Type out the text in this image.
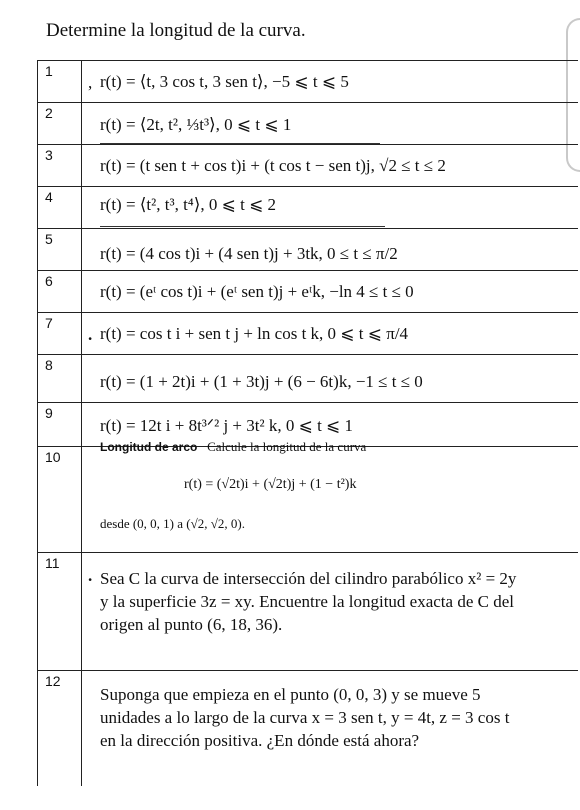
Determine la longitud de la curva.
1
, r(t) = ⟨t, 3 cos t, 3 sen t⟩, −5 ⩽ t ⩽ 5
2
r(t) = ⟨2t, t², ⅓t³⟩, 0 ⩽ t ⩽ 1
3
r(t) = (t sen t + cos t)i + (t cos t − sen t)j, √2 ≤ t ≤ 2
4	r(t) = ⟨t², t³, t⁴⟩, 0 ⩽ t ⩽ 2
5
r(t) = (4 cos t)i + (4 sen t)j + 3tk, 0 ≤ t ≤ π/2
6
r(t) = (eᵗ cos t)i + (eᵗ sen t)j + eᵗk, −ln 4 ≤ t ≤ 0
7
. r(t) = cos t i + sen t j + ln cos t k, 0 ⩽ t ⩽ π/4
8
r(t) = (1 + 2t)i + (1 + 3t)j + (6 − 6t)k, −1 ≤ t ≤ 0
9
r(t) = 12t i + 8t³ᐟ² j + 3t² k, 0 ⩽ t ⩽ 1
10
Longitud de arco Calcule la longitud de la curva
r(t) = (√2t)i + (√2t)j + (1 − t²)k
desde (0, 0, 1) a (√2, √2, 0).
11
. Sea C la curva de intersección del cilindro parabólico x² = 2y
y la superficie 3z = xy. Encuentre la longitud exacta de C del
origen al punto (6, 18, 36).
12
Suponga que empieza en el punto (0, 0, 3) y se mueve 5
unidades a lo largo de la curva x = 3 sen t, y = 4t, z = 3 cos t
en la dirección positiva. ¿En dónde está ahora?
